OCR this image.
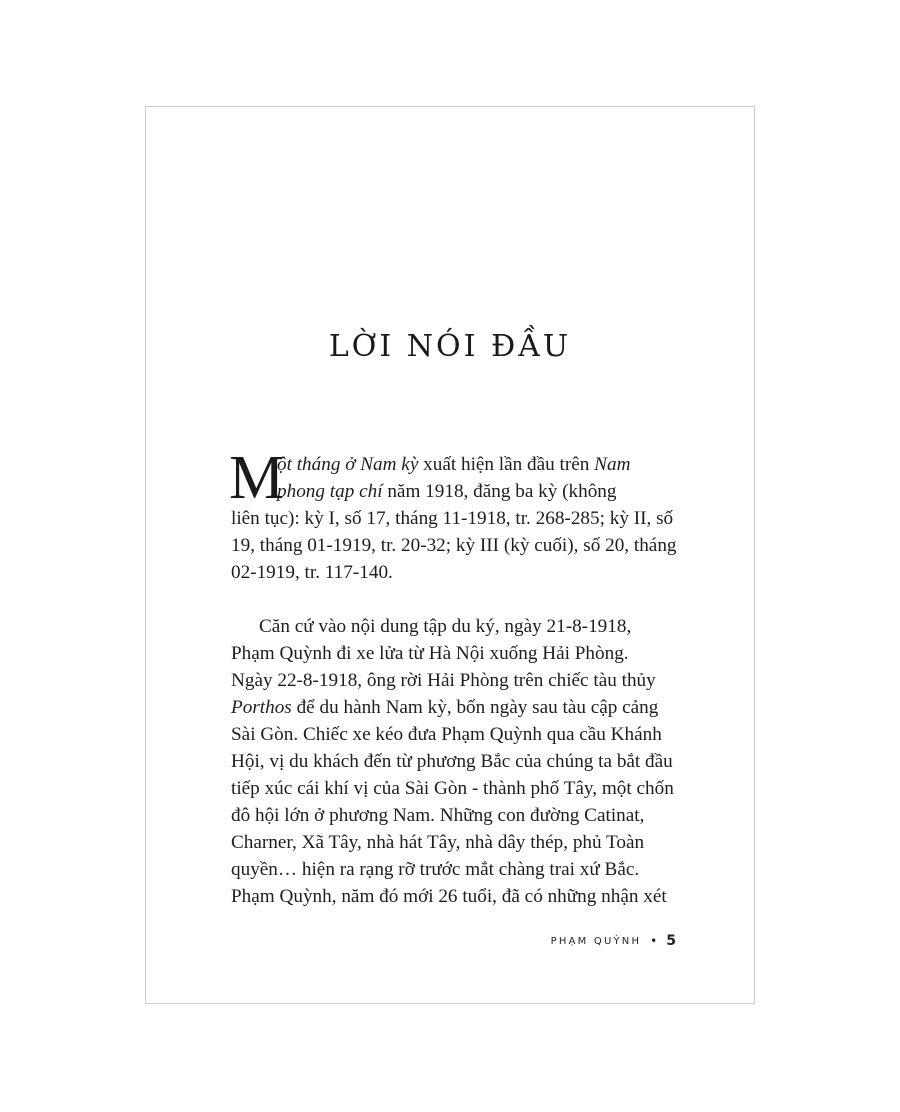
LỜI NÓI ĐẦU
M
ột tháng ở Nam kỳ xuất hiện lần đầu trên Nam
phong tạp chí năm 1918, đăng ba kỳ (không
liên tục): kỳ I, số 17, tháng 11-1918, tr. 268-285; kỳ II, số
19, tháng 01-1919, tr. 20-32; kỳ III (kỳ cuối), số 20, tháng
02-1919, tr. 117-140.
Căn cứ vào nội dung tập du ký, ngày 21-8-1918,
Phạm Quỳnh đi xe lửa từ Hà Nội xuống Hải Phòng.
Ngày 22-8-1918, ông rời Hải Phòng trên chiếc tàu thủy
Porthos để du hành Nam kỳ, bốn ngày sau tàu cập cảng
Sài Gòn. Chiếc xe kéo đưa Phạm Quỳnh qua cầu Khánh
Hội, vị du khách đến từ phương Bắc của chúng ta bắt đầu
tiếp xúc cái khí vị của Sài Gòn - thành phố Tây, một chốn
đô hội lớn ở phương Nam. Những con đường Catinat,
Charner, Xã Tây, nhà hát Tây, nhà dây thép, phủ Toàn
quyền… hiện ra rạng rỡ trước mắt chàng trai xứ Bắc.
Phạm Quỳnh, năm đó mới 26 tuổi, đã có những nhận xét
PHẠM QUỲNH • 5
